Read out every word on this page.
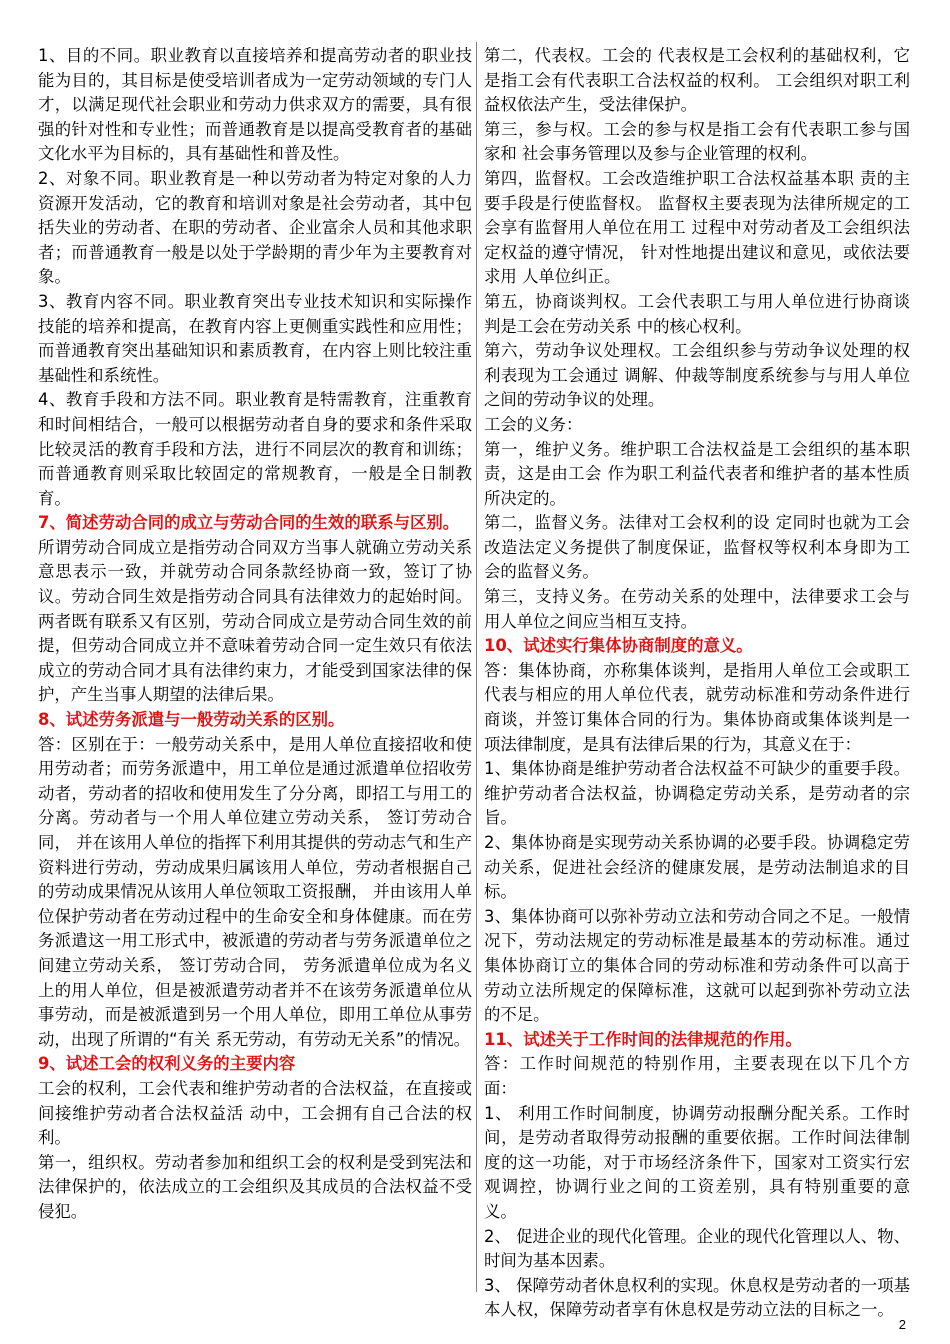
1、目的不同。职业教育以直接培养和提高劳动者的职业技能为目的，其目标是使受培训者成为一定劳动领域的专门人才，以满足现代社会职业和劳动力供求双方的需要，具有很强的针对性和专业性；而普通教育是以提高受教育者的基础文化水平为目标的，具有基础性和普及性。

2、对象不同。职业教育是一种以劳动者为特定对象的人力资源开发活动，它的教育和培训对象是社会劳动者，其中包括失业的劳动者、在职的劳动者、企业富余人员和其他求职者；而普通教育一般是以处于学龄期的青少年为主要教育对象。

3、教育内容不同。职业教育突出专业技术知识和实际操作技能的培养和提高，在教育内容上更侧重实践性和应用性；而普通教育突出基础知识和素质教育，在内容上则比较注重基础性和系统性。

4、教育手段和方法不同。职业教育是特需教育，注重教育和时间相结合，一般可以根据劳动者自身的要求和条件采取比较灵活的教育手段和方法，进行不同层次的教育和训练；而普通教育则采取比较固定的常规教育，一般是全日制教育。

7、简述劳动合同的成立与劳动合同的生效的联系与区别。

所谓劳动合同成立是指劳动合同双方当事人就确立劳动关系意思表示一致，并就劳动合同条款经协商一致，签订了协议。劳动合同生效是指劳动合同具有法律效力的起始时间。两者既有联系又有区别，劳动合同成立是劳动合同生效的前提，但劳动合同成立并不意味着劳动合同一定生效只有依法成立的劳动合同才具有法律约束力，才能受到国家法律的保护，产生当事人期望的法律后果。

8、试述劳务派遣与一般劳动关系的区别。

答：区别在于：一般劳动关系中，是用人单位直接招收和使用劳动者；而劳务派遣中，用工单位是通过派遣单位招收劳动者，劳动者的招收和使用发生了分分离，即招工与用工的分离。劳动者与一个用人单位建立劳动关系， 签订劳动合同， 并在该用人单位的指挥下利用其提供的劳动志气和生产资料进行劳动，劳动成果归属该用人单位，劳动者根据自己的劳动成果情况从该用人单位领取工资报酬， 并由该用人单位保护劳动者在劳动过程中的生命安全和身体健康。而在劳务派遣这一用工形式中，被派遣的劳动者与劳务派遣单位之间建立劳动关系， 签订劳动合同， 劳务派遣单位成为名义上的用人单位，但是被派遣劳动者并不在该劳务派遣单位从事劳动，而是被派遣到另一个用人单位，即用工单位从事劳动，出现了所谓的“有关 系无劳动，有劳动无关系”的情况。

9、试述工会的权利义务的主要内容

工会的权利，工会代表和维护劳动者的合法权益，在直接或间接维护劳动者合法权益活 动中，工会拥有自己合法的权利。

第一，组织权。劳动者参加和组织工会的权利是受到宪法和法律保护的，依法成立的工会组织及其成员的合法权益不受侵犯。

第二，代表权。工会的 代表权是工会权利的基础权利，它是指工会有代表职工合法权益的权利。 工会组织对职工利 益权依法产生，受法律保护。

第三，参与权。工会的参与权是指工会有代表职工参与国家和 社会事务管理以及参与企业管理的权利。

第四，监督权。工会改造维护职工合法权益基本职 责的主要手段是行使监督权。 监督权主要表现为法律所规定的工会享有监督用人单位在用工 过程中对劳动者及工会组织法定权益的遵守情况， 针对性地提出建议和意见，或依法要求用 人单位纠正。

第五，协商谈判权。工会代表职工与用人单位进行协商谈判是工会在劳动关系 中的核心权利。

第六，劳动争议处理权。工会组织参与劳动争议处理的权利表现为工会通过 调解、仲裁等制度系统参与与用人单位之间的劳动争议的处理。

工会的义务：

第一，维护义务。维护职工合法权益是工会组织的基本职责，这是由工会 作为职工利益代表者和维护者的基本性质所决定的。

第二，监督义务。法律对工会权利的设 定同时也就为工会改造法定义务提供了制度保证，监督权等权利本身即为工会的监督义务。

第三，支持义务。在劳动关系的处理中，法律要求工会与用人单位之间应当相互支持。

10、试述实行集体协商制度的意义。

答：集体协商，亦称集体谈判，是指用人单位工会或职工代表与相应的用人单位代表，就劳动标准和劳动条件进行商谈，并签订集体合同的行为。集体协商或集体谈判是一项法律制度，是具有法律后果的行为，其意义在于：

1、集体协商是维护劳动者合法权益不可缺少的重要手段。维护劳动者合法权益，协调稳定劳动关系，是劳动者的宗旨。

2、集体协商是实现劳动关系协调的必要手段。协调稳定劳动关系，促进社会经济的健康发展，是劳动法制追求的目标。

3、集体协商可以弥补劳动立法和劳动合同之不足。一般情况下，劳动法规定的劳动标准是最基本的劳动标准。通过集体协商订立的集体合同的劳动标准和劳动条件可以高于劳动立法所规定的保障标准，这就可以起到弥补劳动立法的不足。

11、试述关于工作时间的法律规范的作用。

答：工作时间规范的特别作用，主要表现在以下几个方面：

1、 利用工作时间制度，协调劳动报酬分配关系。工作时间，是劳动者取得劳动报酬的重要依据。工作时间法律制度的这一功能，对于市场经济条件下，国家对工资实行宏观调控，协调行业之间的工资差别，具有特别重要的意义。

2、 促进企业的现代化管理。企业的现代化管理以人、物、时间为基本因素。

3、 保障劳动者休息权利的实现。休息权是劳动者的一项基本人权，保障劳动者享有休息权是劳动立法的目标之一。

2
